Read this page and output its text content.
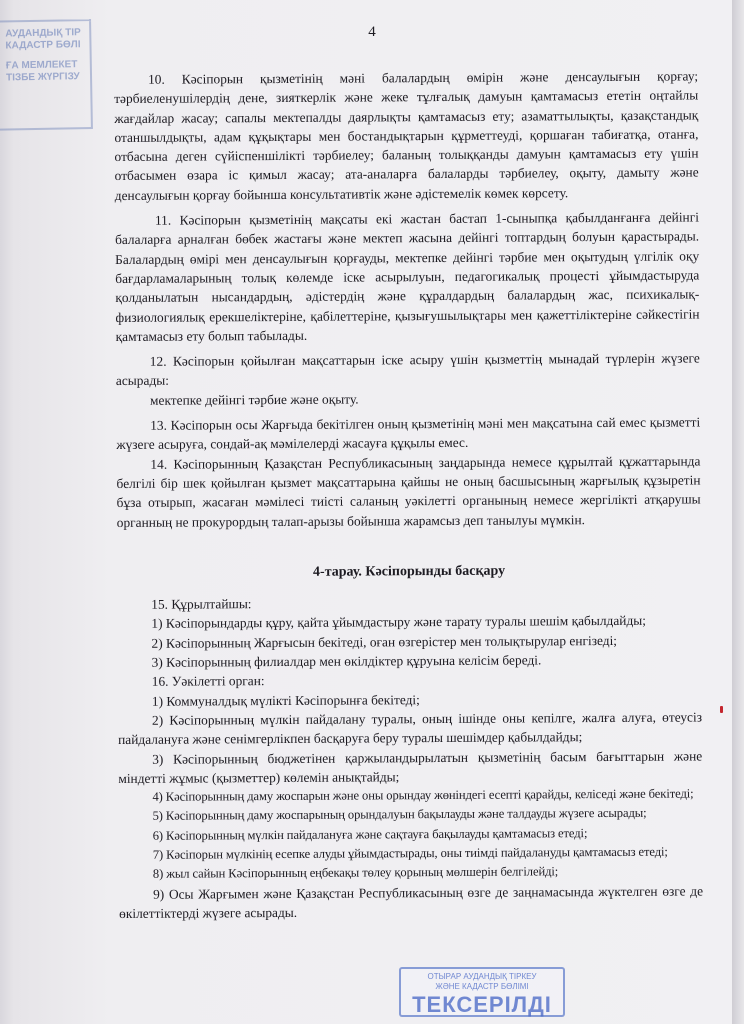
АУДАНДЫҚ ТІР
КАДАСТР БӨЛІ
ҒА МЕМЛЕКЕТ
ТІЗБЕ ЖҮРГІЗУ
4

10. Кәсіпорын қызметінің мәні балалардың өмірін және денсаулығын қорғау; тәрбиеленушілердің дене, зияткерлік және жеке тұлғалық дамуын қамтамасыз ететін оңтайлы жағдайлар жасау; сапалы мектепалды даярлықты қамтамасыз ету; азаматтылықты, қазақстандық отаншылдықты, адам құқықтары мен бостандықтарын құрметтеуді, қоршаған табиғатқа, отанға, отбасына деген сүйіспеншілікті тәрбиелеу; баланың толыққанды дамуын қамтамасыз ету үшін отбасымен өзара іс қимыл жасау; ата-аналарға балаларды тәрбиелеу, оқыту, дамыту және денсаулығын қорғау бойынша консультативтік және әдістемелік көмек көрсету.

11. Кәсіпорын қызметінің мақсаты екі жастан бастап 1-сыныпқа қабылданғанға дейінгі балаларға арналған бөбек жастағы және мектеп жасына дейінгі топтардың болуын қарастырады. Балалардың өмірі мен денсаулығын қорғауды, мектепке дейінгі тәрбие мен оқытудың үлгілік оқу бағдарламаларының толық көлемде іске асырылуын, педагогикалық процесті ұйымдастыруда қолданылатын нысандардың, әдістердің және құралдардың балалардың жас, психикалық-физиологиялық ерекшеліктеріне, қабілеттеріне, қызығушылықтары мен қажеттіліктеріне сәйкестігін қамтамасыз ету болып табылады.

12. Кәсіпорын қойылған мақсаттарын іске асыру үшін қызметтің мынадай түрлерін жүзеге асырады:

мектепке дейінгі тәрбие және оқыту.

13. Кәсіпорын осы Жарғыда бекітілген оның қызметінің мәні мен мақсатына сай емес қызметті жүзеге асыруға, сондай-ақ мәмілелерді жасауға құқылы емес.

14. Кәсіпорынның Қазақстан Республикасының заңдарында немесе құрылтай құжаттарында белгілі бір шек қойылған қызмет мақсаттарына қайшы не оның басшысының жарғылық құзыретін бұза отырып, жасаған мәмілесі тиісті саланың уәкілетті органының немесе жергілікті атқарушы органның не прокурордың талап-арызы бойынша жарамсыз деп танылуы мүмкін.

4-тарау. Кәсіпорынды басқару

15. Құрылтайшы:

1) Кәсіпорындарды құру, қайта ұйымдастыру және тарату туралы шешім қабылдайды;

2) Кәсіпорынның Жарғысын бекітеді, оған өзгерістер мен толықтырулар енгізеді;

3) Кәсіпорынның филиалдар мен өкілдіктер құруына келісім береді.

16. Уәкілетті орган:

1) Коммуналдық мүлікті Кәсіпорынға бекітеді;

2) Кәсіпорынның мүлкін пайдалану туралы, оның ішінде оны кепілге, жалға алуға, өтеусіз пайдалануға және сенімгерлікпен басқаруға беру туралы шешімдер қабылдайды;

3) Кәсіпорынның бюджетінен қаржыландырылатын қызметінің басым бағыттарын және міндетті жұмыс (қызметтер) көлемін анықтайды;

4) Кәсіпорынның даму жоспарын және оны орындау жөніндегі есепті қарайды, келіседі және бекітеді;

5) Кәсіпорынның даму жоспарының орындалуын бақылауды және талдауды жүзеге асырады;

6) Кәсіпорынның мүлкін пайдалануға және сақтауға бақылауды қамтамасыз етеді;

7) Кәсіпорын мүлкінің есепке алуды ұйымдастырады, оны тиімді пайдалануды қамтамасыз етеді;

8) жыл сайын Кәсіпорынның еңбекақы төлеу қорының мөлшерін белгілейді;

9) Осы Жарғымен және Қазақстан Республикасының өзге де заңнамасында жүктелген өзге де өкілеттіктерді жүзеге асырады.

ОТЫРАР АУДАНДЫҚ ТІРКЕУ
ЖӘНЕ КАДАСТР БӨЛІМІ
ТЕКСЕРІЛДІ
